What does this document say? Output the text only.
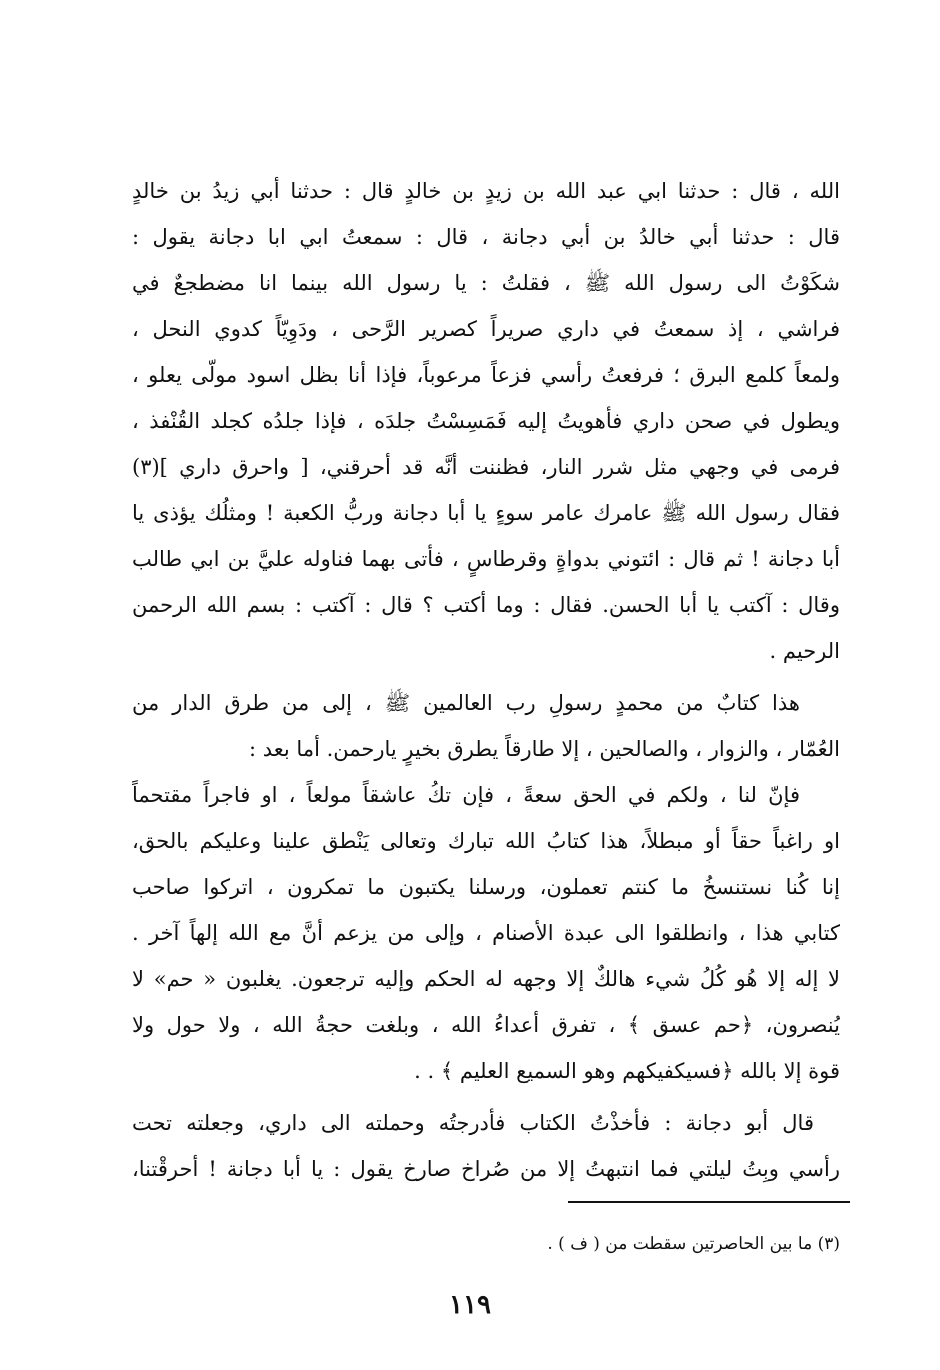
الله ، قال : حدثنا ابي عبد الله بن زيدٍ بن خالدٍ قال : حدثنا أبي زيدُ بن خالدٍ
قال : حدثنا أبي خالدُ بن أبي دجانة ، قال : سمعتُ ابي ابا دجانة يقول :
شكَوْتُ الى رسول الله ﷺ ، فقلتُ : يا رسول الله بينما انا مضطجعٌ في
فراشي ، إذ سمعتُ في داري صريراً كصرير الرَّحى ، ودَوِيّاً كدوي النحل ،
ولمعاً كلمع البرق ؛ فرفعتُ رأسي فزعاً مرعوباً، فإذا أنا بظل اسود مولّى يعلو ،
ويطول في صحن داري فأهويتُ إليه فَمَسِسْتُ جلدَه ، فإذا جلدُه كجلد القُنْفذ ،
فرمى في وجهي مثل شرر النار، فظننت أنَّه قد أحرقني، [ واحرق داري ](٣)
فقال رسول الله ﷺ عامرك عامر سوءٍ يا أبا دجانة وربُّ الكعبة ! ومثلُك يؤذى يا
أبا دجانة ! ثم قال : ائتوني بدواةٍ وقرطاسٍ ، فأتى بهما فناوله عليَّ بن ابي طالب
وقال : آكتب يا أبا الحسن. فقال : وما أكتب ؟ قال : آكتب : بسم الله الرحمن
الرحيم .
هذا كتابٌ من محمدٍ رسولِ رب العالمين ﷺ ، إلى من طرق الدار من
العُمّار ، والزوار ، والصالحين ، إلا طارقاً يطرق بخيرٍ يارحمن. أما بعد :
فإنّ لنا ، ولكم في الحق سعةً ، فإن تكُ عاشقاً مولعاً ، او فاجراً مقتحماً
او راغباً حقاً أو مبطلاً، هذا كتابُ الله تبارك وتعالى يَنْطق علينا وعليكم بالحق،
إنا كُنا نستنسخُ ما كنتم تعملون، ورسلنا يكتبون ما تمكرون ، اتركوا صاحب
كتابي هذا ، وانطلقوا الى عبدة الأصنام ، وإلى من يزعم أنَّ مع الله إلهاً آخر .
لا إله إلا هُو كُلُ شيء هالكٌ إلا وجهه له الحكم وإليه ترجعون. يغلبون « حم» لا
يُنصرون، ﴿حم عسق ﴾ ، تفرق أعداءُ الله ، وبلغت حجةُ الله ، ولا حول ولا
قوة إلا بالله ﴿فسيكفيكهم وهو السميع العليم ﴾ . .
قال أبو دجانة : فأخذْتُ الكتاب فأدرجتُه وحملته الى داري، وجعلته تحت
رأسي وبِتُ ليلتي فما انتبهتُ إلا من صُراخ صارخ يقول : يا أبا دجانة ! أحرقْتنا،
(٣) ما بين الحاصرتين سقطت من ( ف ) .
١١٩
